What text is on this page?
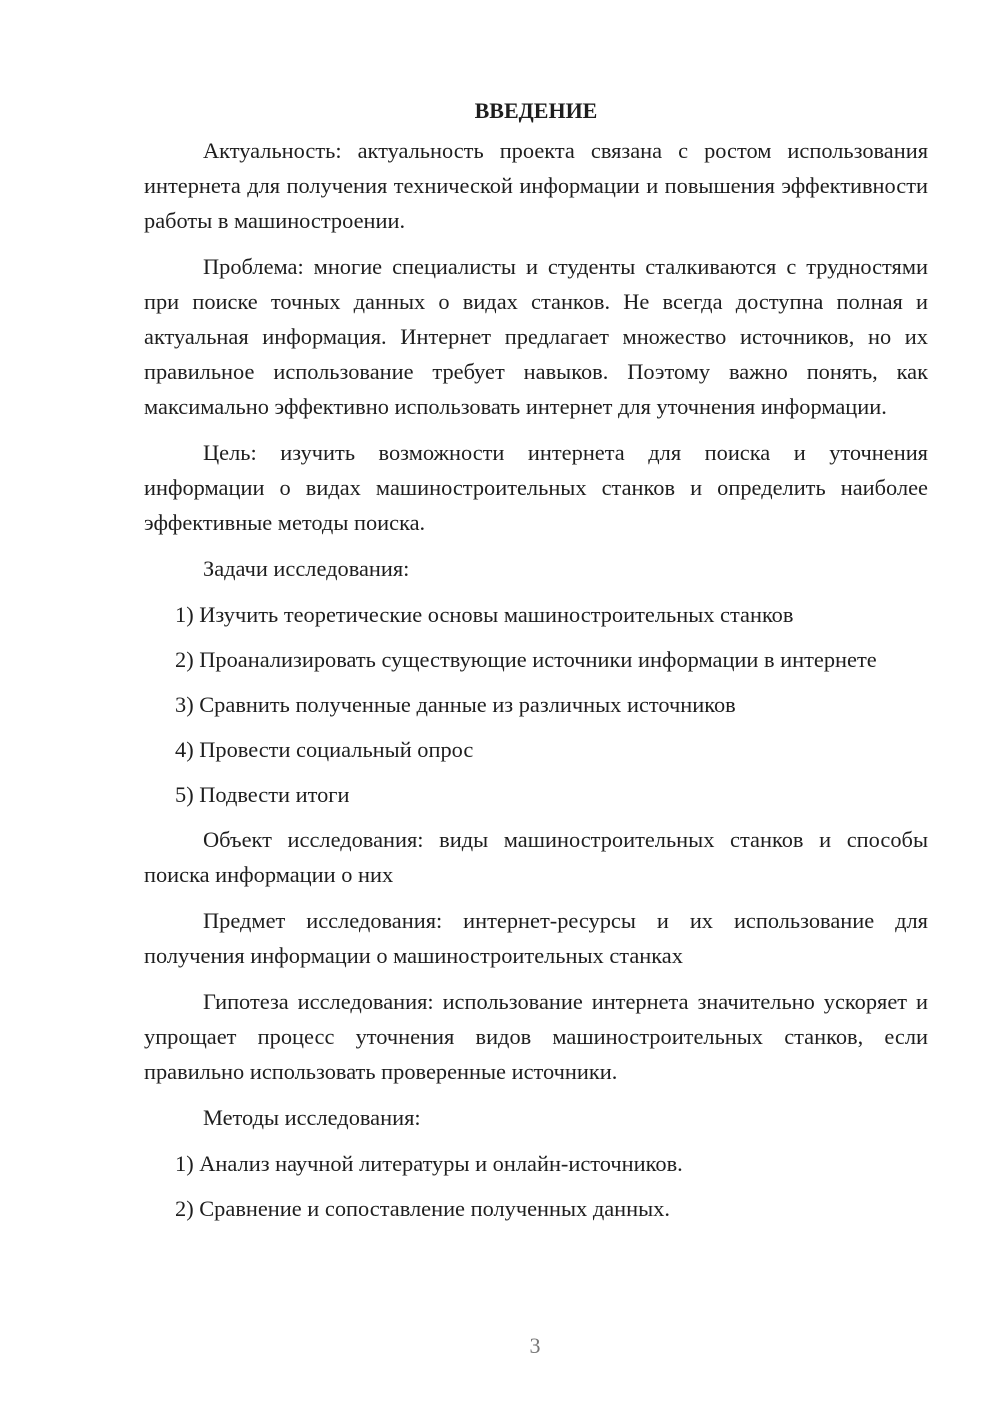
ВВЕДЕНИЕ

Актуальность: актуальность проекта связана с ростом использования интернета для получения технической информации и повышения эффективности работы в машиностроении.

Проблема: многие специалисты и студенты сталкиваются с трудностями при поиске точных данных о видах станков. Не всегда доступна полная и актуальная информация. Интернет предлагает множество источников, но их правильное использование требует навыков. Поэтому важно понять, как максимально эффективно использовать интернет для уточнения информации.

Цель: изучить возможности интернета для поиска и уточнения информации о видах машиностроительных станков и определить наиболее эффективные методы поиска.

Задачи исследования:

1) Изучить теоретические основы машиностроительных станков

2) Проанализировать существующие источники информации в интернете

3) Сравнить полученные данные из различных источников

4) Провести социальный опрос

5) Подвести итоги

Объект исследования: виды машиностроительных станков и способы поиска информации о них

Предмет исследования: интернет-ресурсы и их использование для получения информации о машиностроительных станках

Гипотеза исследования: использование интернета значительно ускоряет и упрощает процесс уточнения видов машиностроительных станков, если правильно использовать проверенные источники.

Методы исследования:

1) Анализ научной литературы и онлайн-источников.

2) Сравнение и сопоставление полученных данных.

3
